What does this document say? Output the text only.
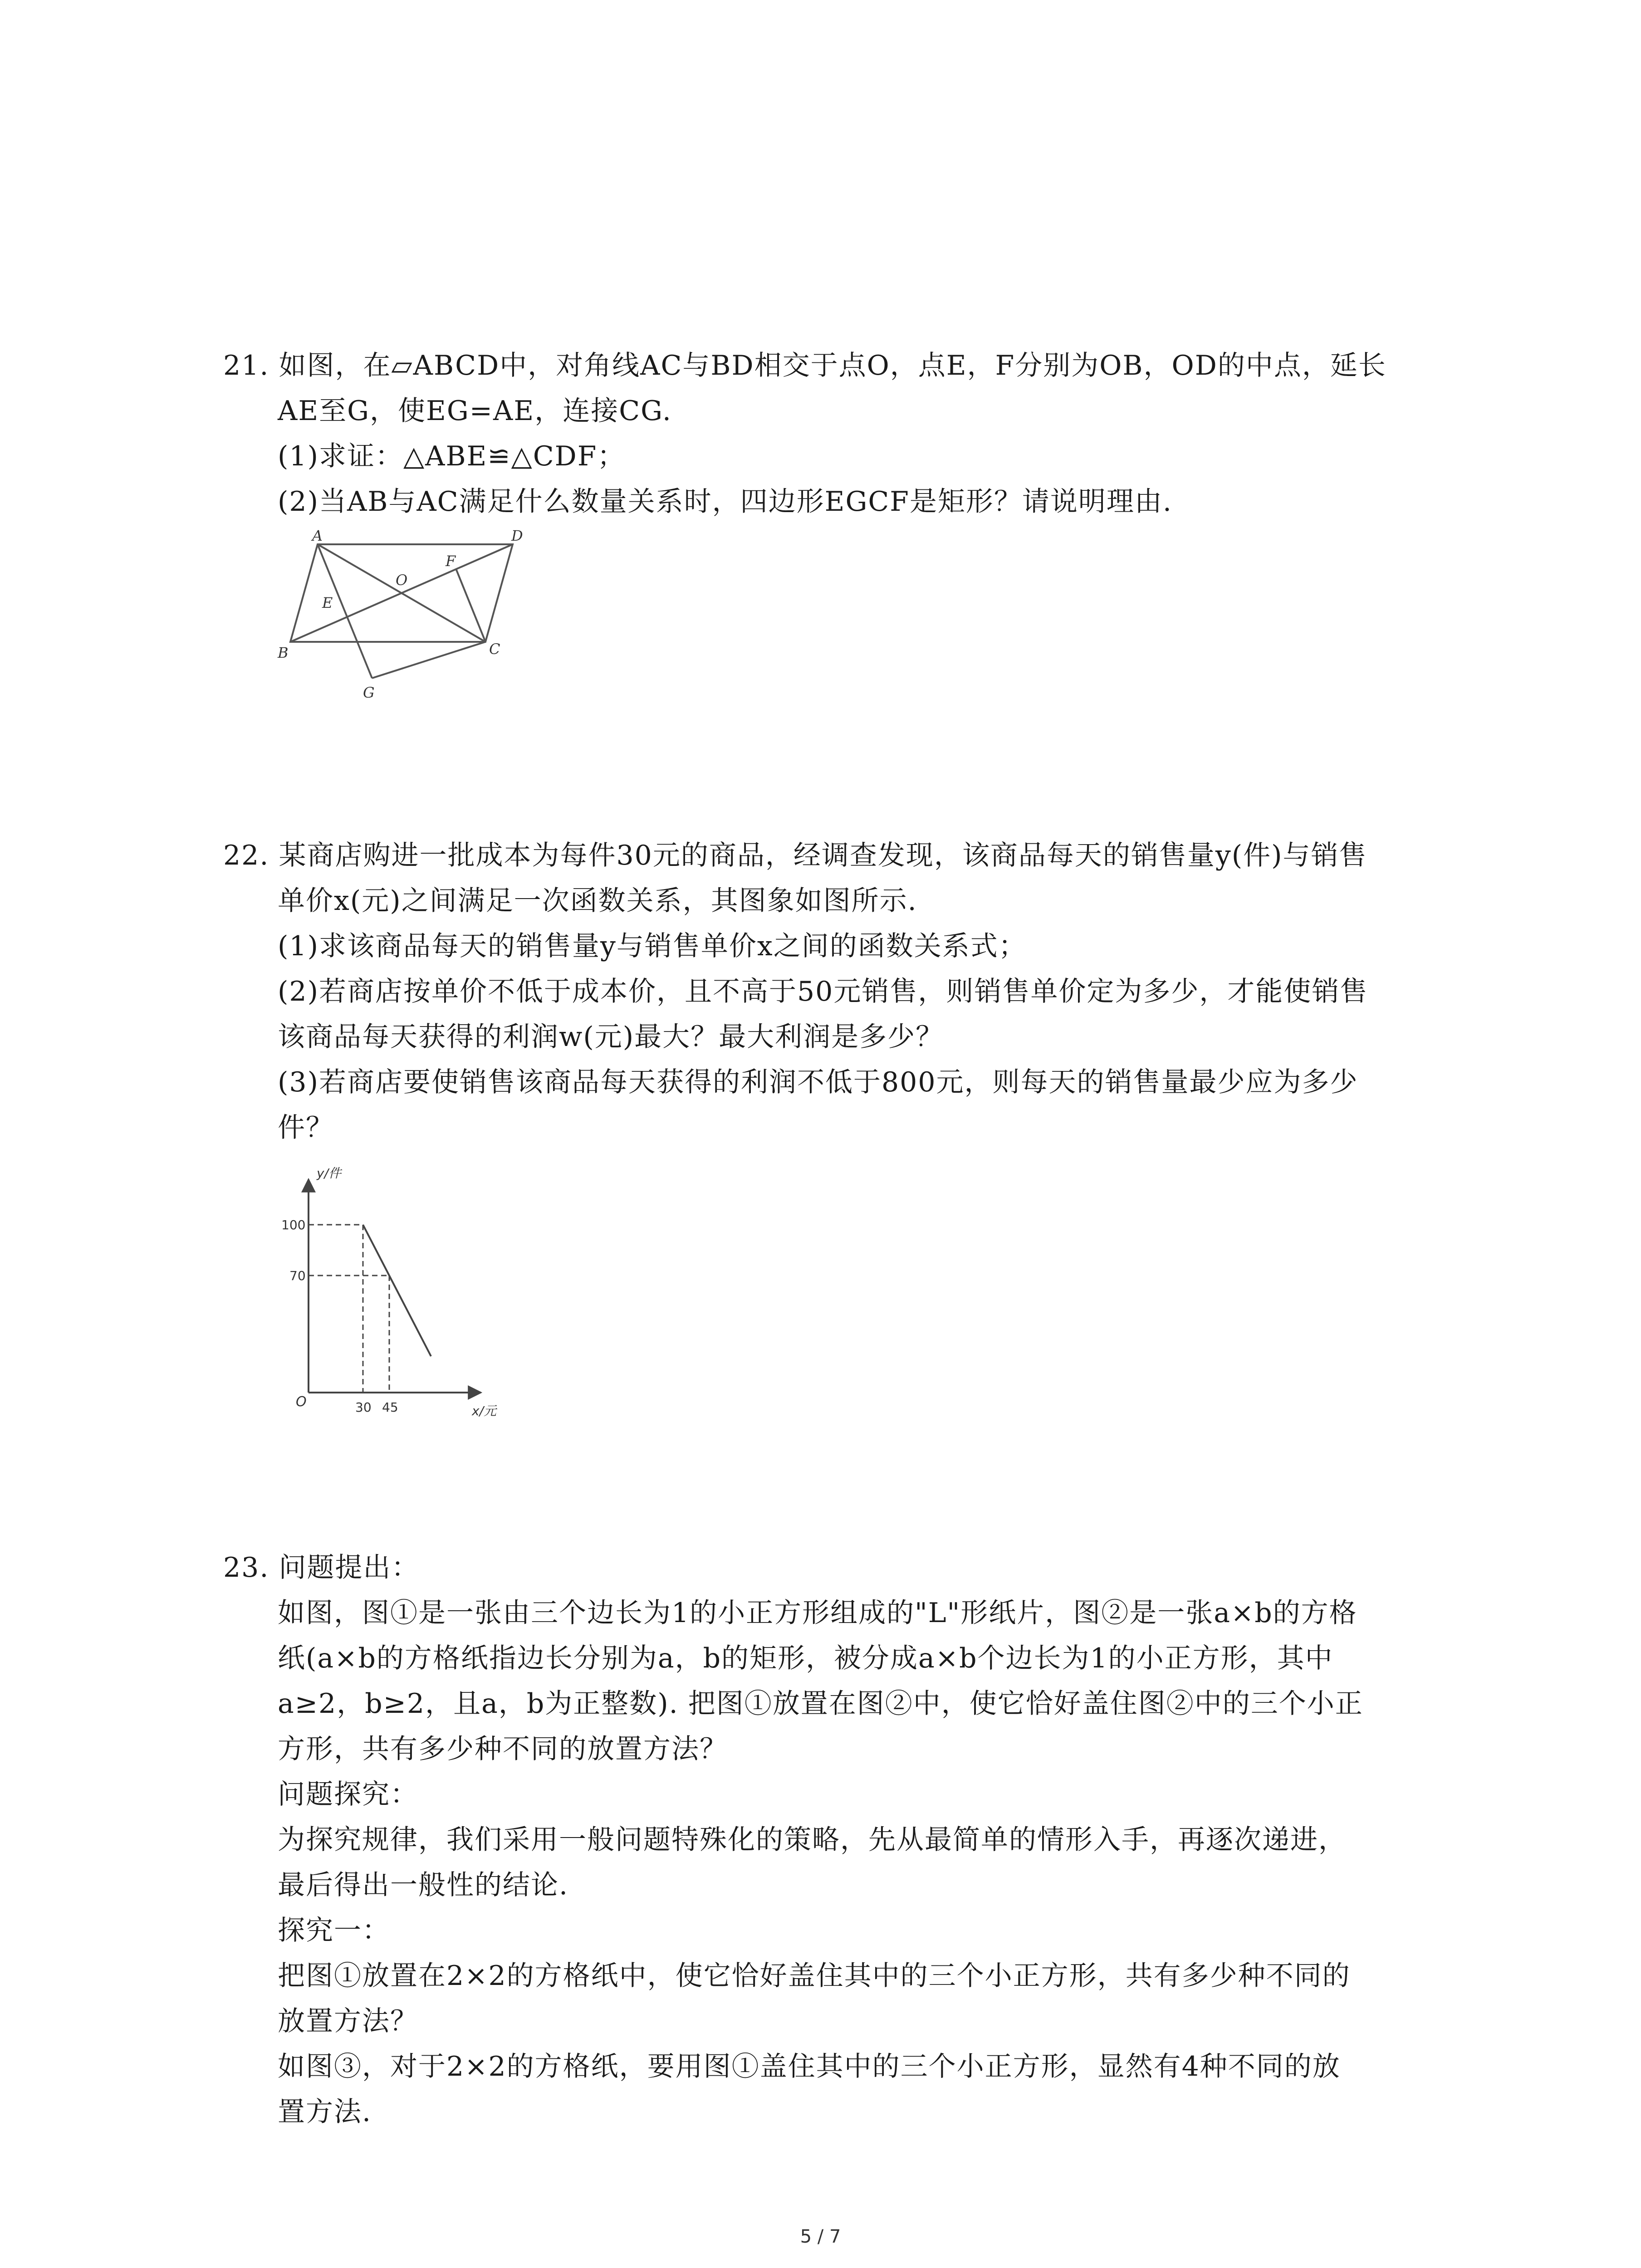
21. 如图，在▱ABCD中，对角线AC与BD相交于点O，点E，F分别为OB，OD的中点，延长
AE至G，使EG=AE，连接CG.
(1)求证：△ABE≌△CDF；
(2)当AB与AC满足什么数量关系时，四边形EGCF是矩形？请说明理由.
A	D
O
F
E
B	C
G
22. 某商店购进一批成本为每件30元的商品，经调查发现，该商品每天的销售量y(件)与销售
单价x(元)之间满足一次函数关系，其图象如图所示.
(1)求该商品每天的销售量y与销售单价x之间的函数关系式；
(2)若商店按单价不低于成本价，且不高于50元销售，则销售单价定为多少，才能使销售
该商品每天获得的利润w(元)最大？最大利润是多少？
(3)若商店要使销售该商品每天获得的利润不低于800元，则每天的销售量最少应为多少
件？
y/件
x/元
O
100
70
30 45
23. 问题提出：
如图，图①是一张由三个边长为1的小正方形组成的"L"形纸片，图②是一张a×b的方格
纸(a×b的方格纸指边长分别为a，b的矩形，被分成a×b个边长为1的小正方形，其中
a≥2，b≥2，且a，b为正整数). 把图①放置在图②中，使它恰好盖住图②中的三个小正
方形，共有多少种不同的放置方法？
问题探究：
为探究规律，我们采用一般问题特殊化的策略，先从最简单的情形入手，再逐次递进，
最后得出一般性的结论.
探究一：
把图①放置在2×2的方格纸中，使它恰好盖住其中的三个小正方形，共有多少种不同的
放置方法？
如图③，对于2×2的方格纸，要用图①盖住其中的三个小正方形，显然有4种不同的放
置方法.
5 / 7
